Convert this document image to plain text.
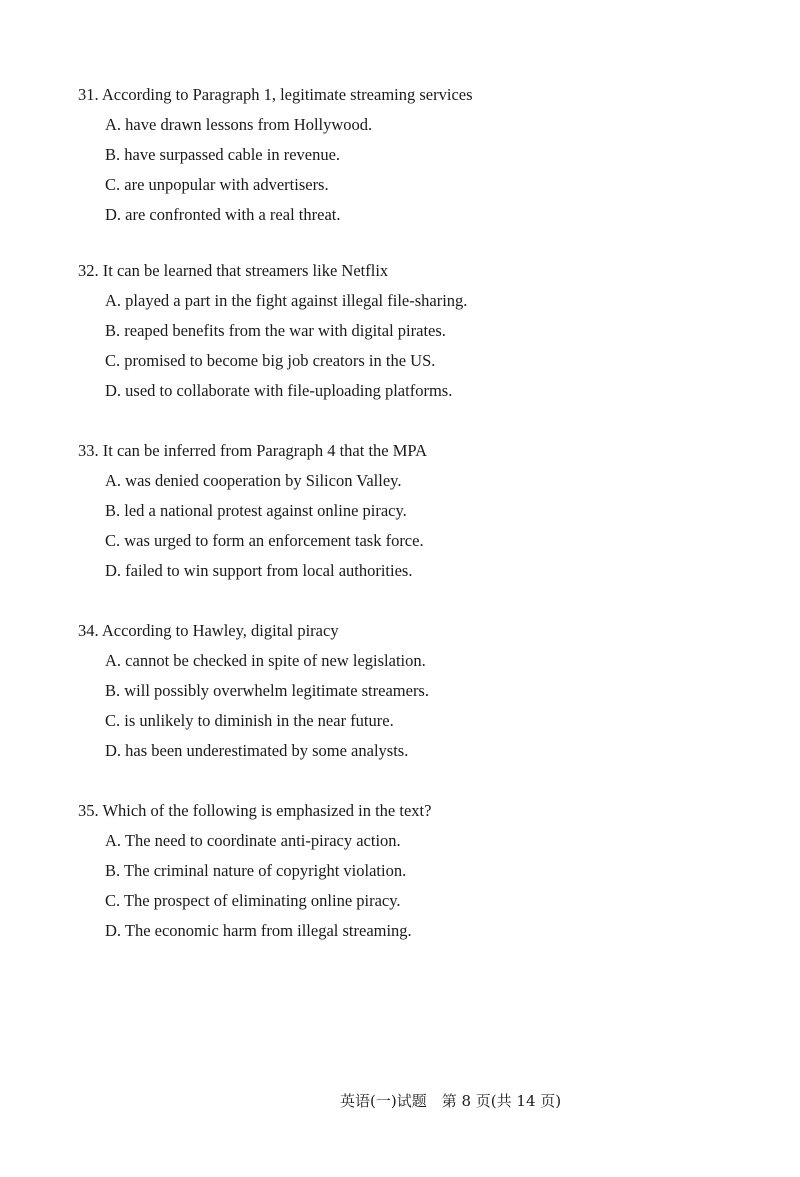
31. According to Paragraph 1, legitimate streaming services
A. have drawn lessons from Hollywood.
B. have surpassed cable in revenue.
C. are unpopular with advertisers.
D. are confronted with a real threat.
32. It can be learned that streamers like Netflix
A. played a part in the fight against illegal file-sharing.
B. reaped benefits from the war with digital pirates.
C. promised to become big job creators in the US.
D. used to collaborate with file-uploading platforms.
33. It can be inferred from Paragraph 4 that the MPA
A. was denied cooperation by Silicon Valley.
B. led a national protest against online piracy.
C. was urged to form an enforcement task force.
D. failed to win support from local authorities.
34. According to Hawley, digital piracy
A. cannot be checked in spite of new legislation.
B. will possibly overwhelm legitimate streamers.
C. is unlikely to diminish in the near future.
D. has been underestimated by some analysts.
35. Which of the following is emphasized in the text?
A. The need to coordinate anti-piracy action.
B. The criminal nature of copyright violation.
C. The prospect of eliminating online piracy.
D. The economic harm from illegal streaming.
英语(一)试题　第 8 页(共 14 页)
